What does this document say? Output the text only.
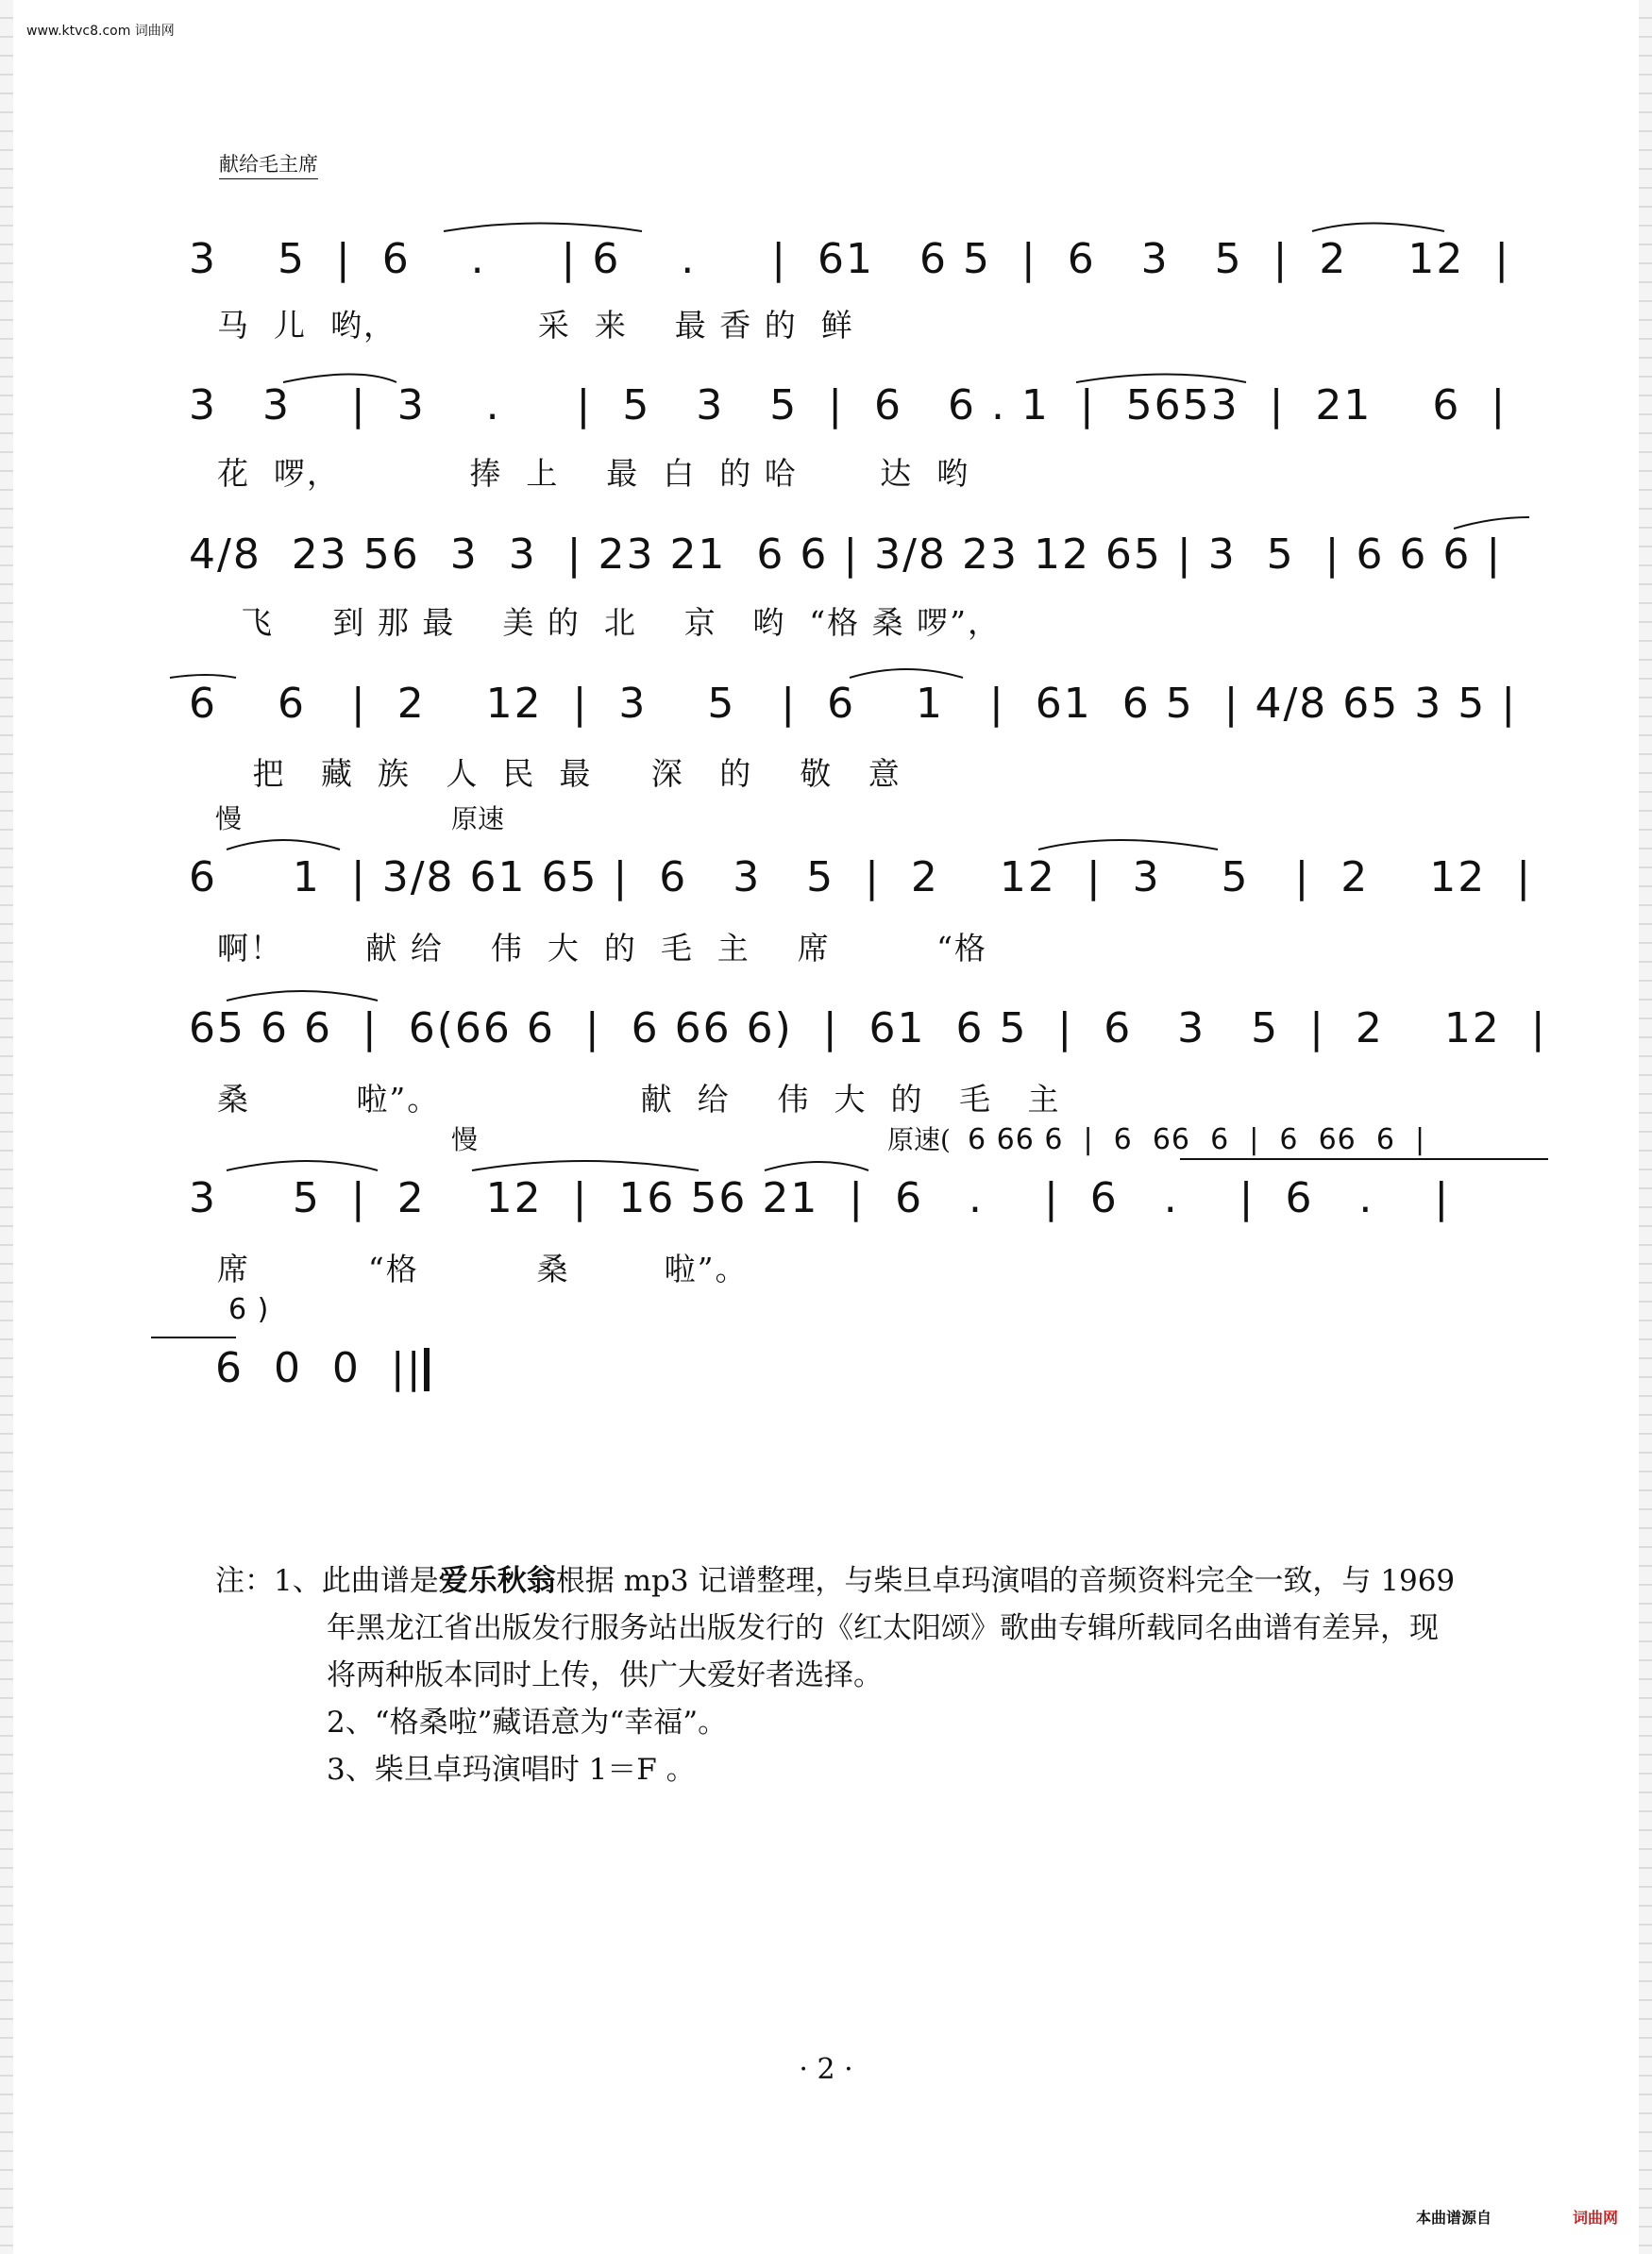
www.ktvc8.com 词曲网
献给毛主席
3    5  |  6    .     | 6    .     |  61   6 5  |  6   3   5  |  2    12  |
马  儿  哟，            采  来    最 香 的  鲜
3   3    |  3    .     |  5   3   5  |  6   6 . 1  |  5653  |  21    6  |
花  啰，           捧  上    最  白  的 哈       达  哟
4/8  23 56  3  3  | 23 21  6 6 | 3/8 23 12 65 | 3  5  | 6 6 6 |
飞     到 那 最    美 的  北    京   哟  “格 桑 啰”，
6    6   |  2    12  |  3    5   |  6    1   |  61  6 5  | 4/8 65 3 5 |
把   藏  族   人  民  最     深   的    敬   意
慢	原速
6     1  | 3/8 61 65 |  6   3   5  |  2    12  |  3    5   |  2    12  |
啊！       献 给    伟  大  的  毛  主    席         “格
65 6 6  |  6(66 6  |  6 66 6)  |  61  6 5  |  6   3   5  |  2    12  |
桑         啦”。                 献  给    伟  大  的   毛   主
慢	原速( 6 66 6  |  6  66  6  |  6  66  6  |
3     5  |  2    12  |  16 56 21  |  6   .    |  6   .    |  6   .    |
席          “格          桑        啦”。
6 )
6  0  0  ||

注：1、此曲谱是爱乐秋翁根据 mp3 记谱整理，与柴旦卓玛演唱的音频资料完全一致，与 1969

年黑龙江省出版发行服务站出版发行的《红太阳颂》歌曲专辑所载同名曲谱有差异，现

将两种版本同时上传，供广大爱好者选择。

2、“格桑啦”藏语意为“幸福”。

3、柴旦卓玛演唱时 1＝F 。

· 2 ·
本曲谱源自	词曲网
